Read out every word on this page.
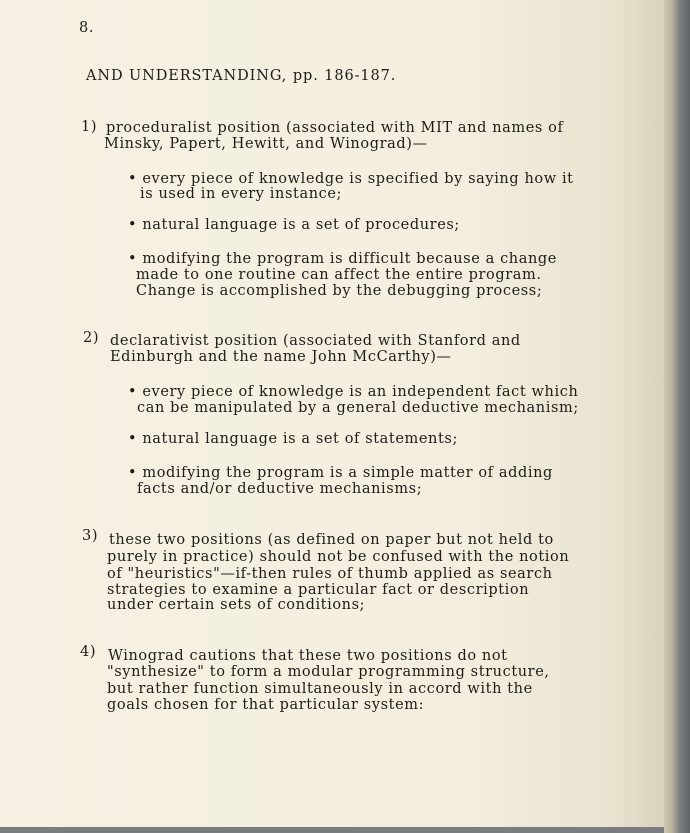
8.
AND UNDERSTANDING, pp. 186-187.
1) proceduralist position (associated with MIT and names of
Minsky, Papert, Hewitt, and Winograd)—
• every piece of knowledge is specified by saying how it
is used in every instance;
• natural language is a set of procedures;
• modifying the program is difficult because a change
made to one routine can affect the entire program.
Change is accomplished by the debugging process;
2) declarativist position (associated with Stanford and
Edinburgh and the name John McCarthy)—
• every piece of knowledge is an independent fact which
can be manipulated by a general deductive mechanism;
• natural language is a set of statements;
• modifying the program is a simple matter of adding
facts and/or deductive mechanisms;
3) these two positions (as defined on paper but not held to
purely in practice) should not be confused with the notion
of "heuristics"—if-then rules of thumb applied as search
strategies to examine a particular fact or description
under certain sets of conditions;
4) Winograd cautions that these two positions do not
"synthesize" to form a modular programming structure,
but rather function simultaneously in accord with the
goals chosen for that particular system:
